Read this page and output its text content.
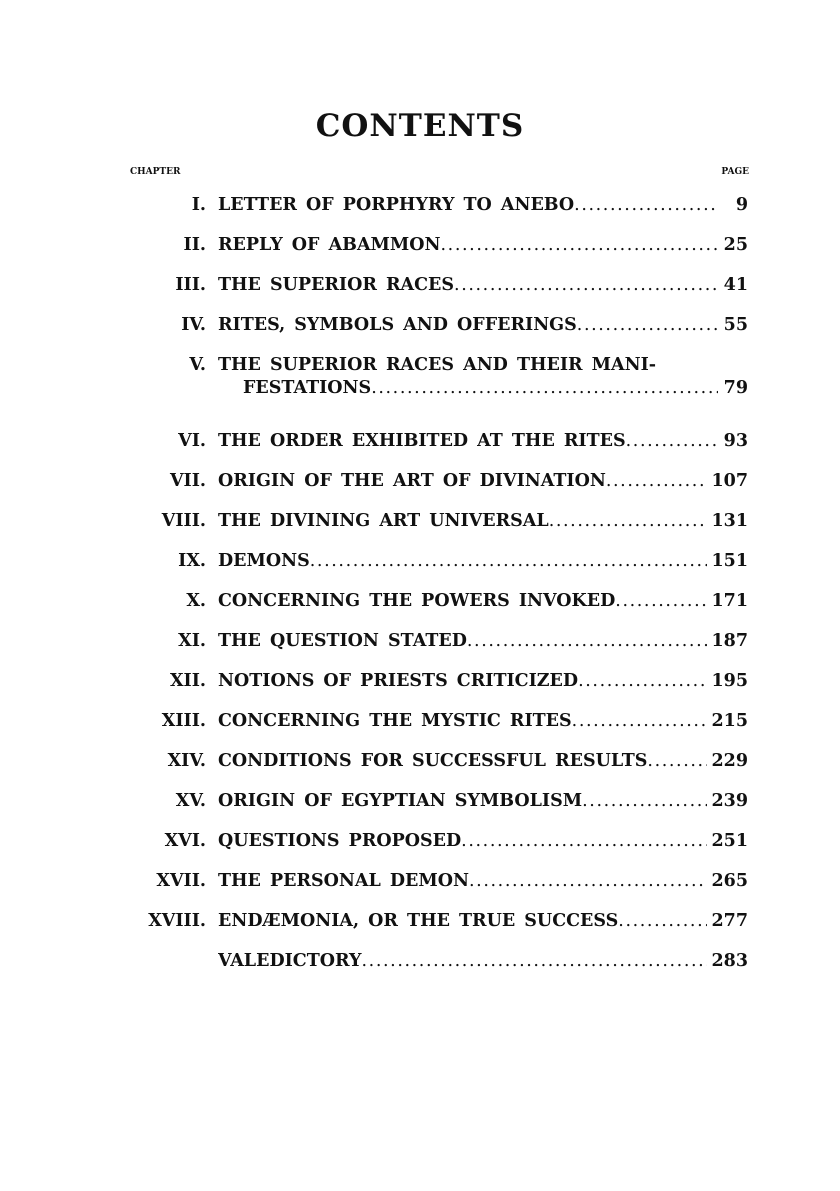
CONTENTS
CHAPTER	PAGE
I. LETTER OF PORPHYRY TO ANEBO .....	9
II. REPLY OF ABAMMON .....	25
III. THE SUPERIOR RACES .....	41
IV. RITES, SYMBOLS AND OFFERINGS .....	55
V. THE SUPERIOR RACES AND THEIR MANI-
FESTATIONS .....	79
VI. THE ORDER EXHIBITED AT THE RITES .....	93
VII. ORIGIN OF THE ART OF DIVINATION .....	107
VIII. THE DIVINING ART UNIVERSAL .....	131
IX. DEMONS .....	151
X. CONCERNING THE POWERS INVOKED .....	171
XI. THE QUESTION STATED .....	187
XII. NOTIONS OF PRIESTS CRITICIZED .....	195
XIII. CONCERNING THE MYSTIC RITES .....	215
XIV. CONDITIONS FOR SUCCESSFUL RESULTS .....	229
XV. ORIGIN OF EGYPTIAN SYMBOLISM .....	239
XVI. QUESTIONS PROPOSED .....	251
XVII. THE PERSONAL DEMON .....	265
XVIII. ENDÆMONIA, OR THE TRUE SUCCESS .....	277
VALEDICTORY .....	283
